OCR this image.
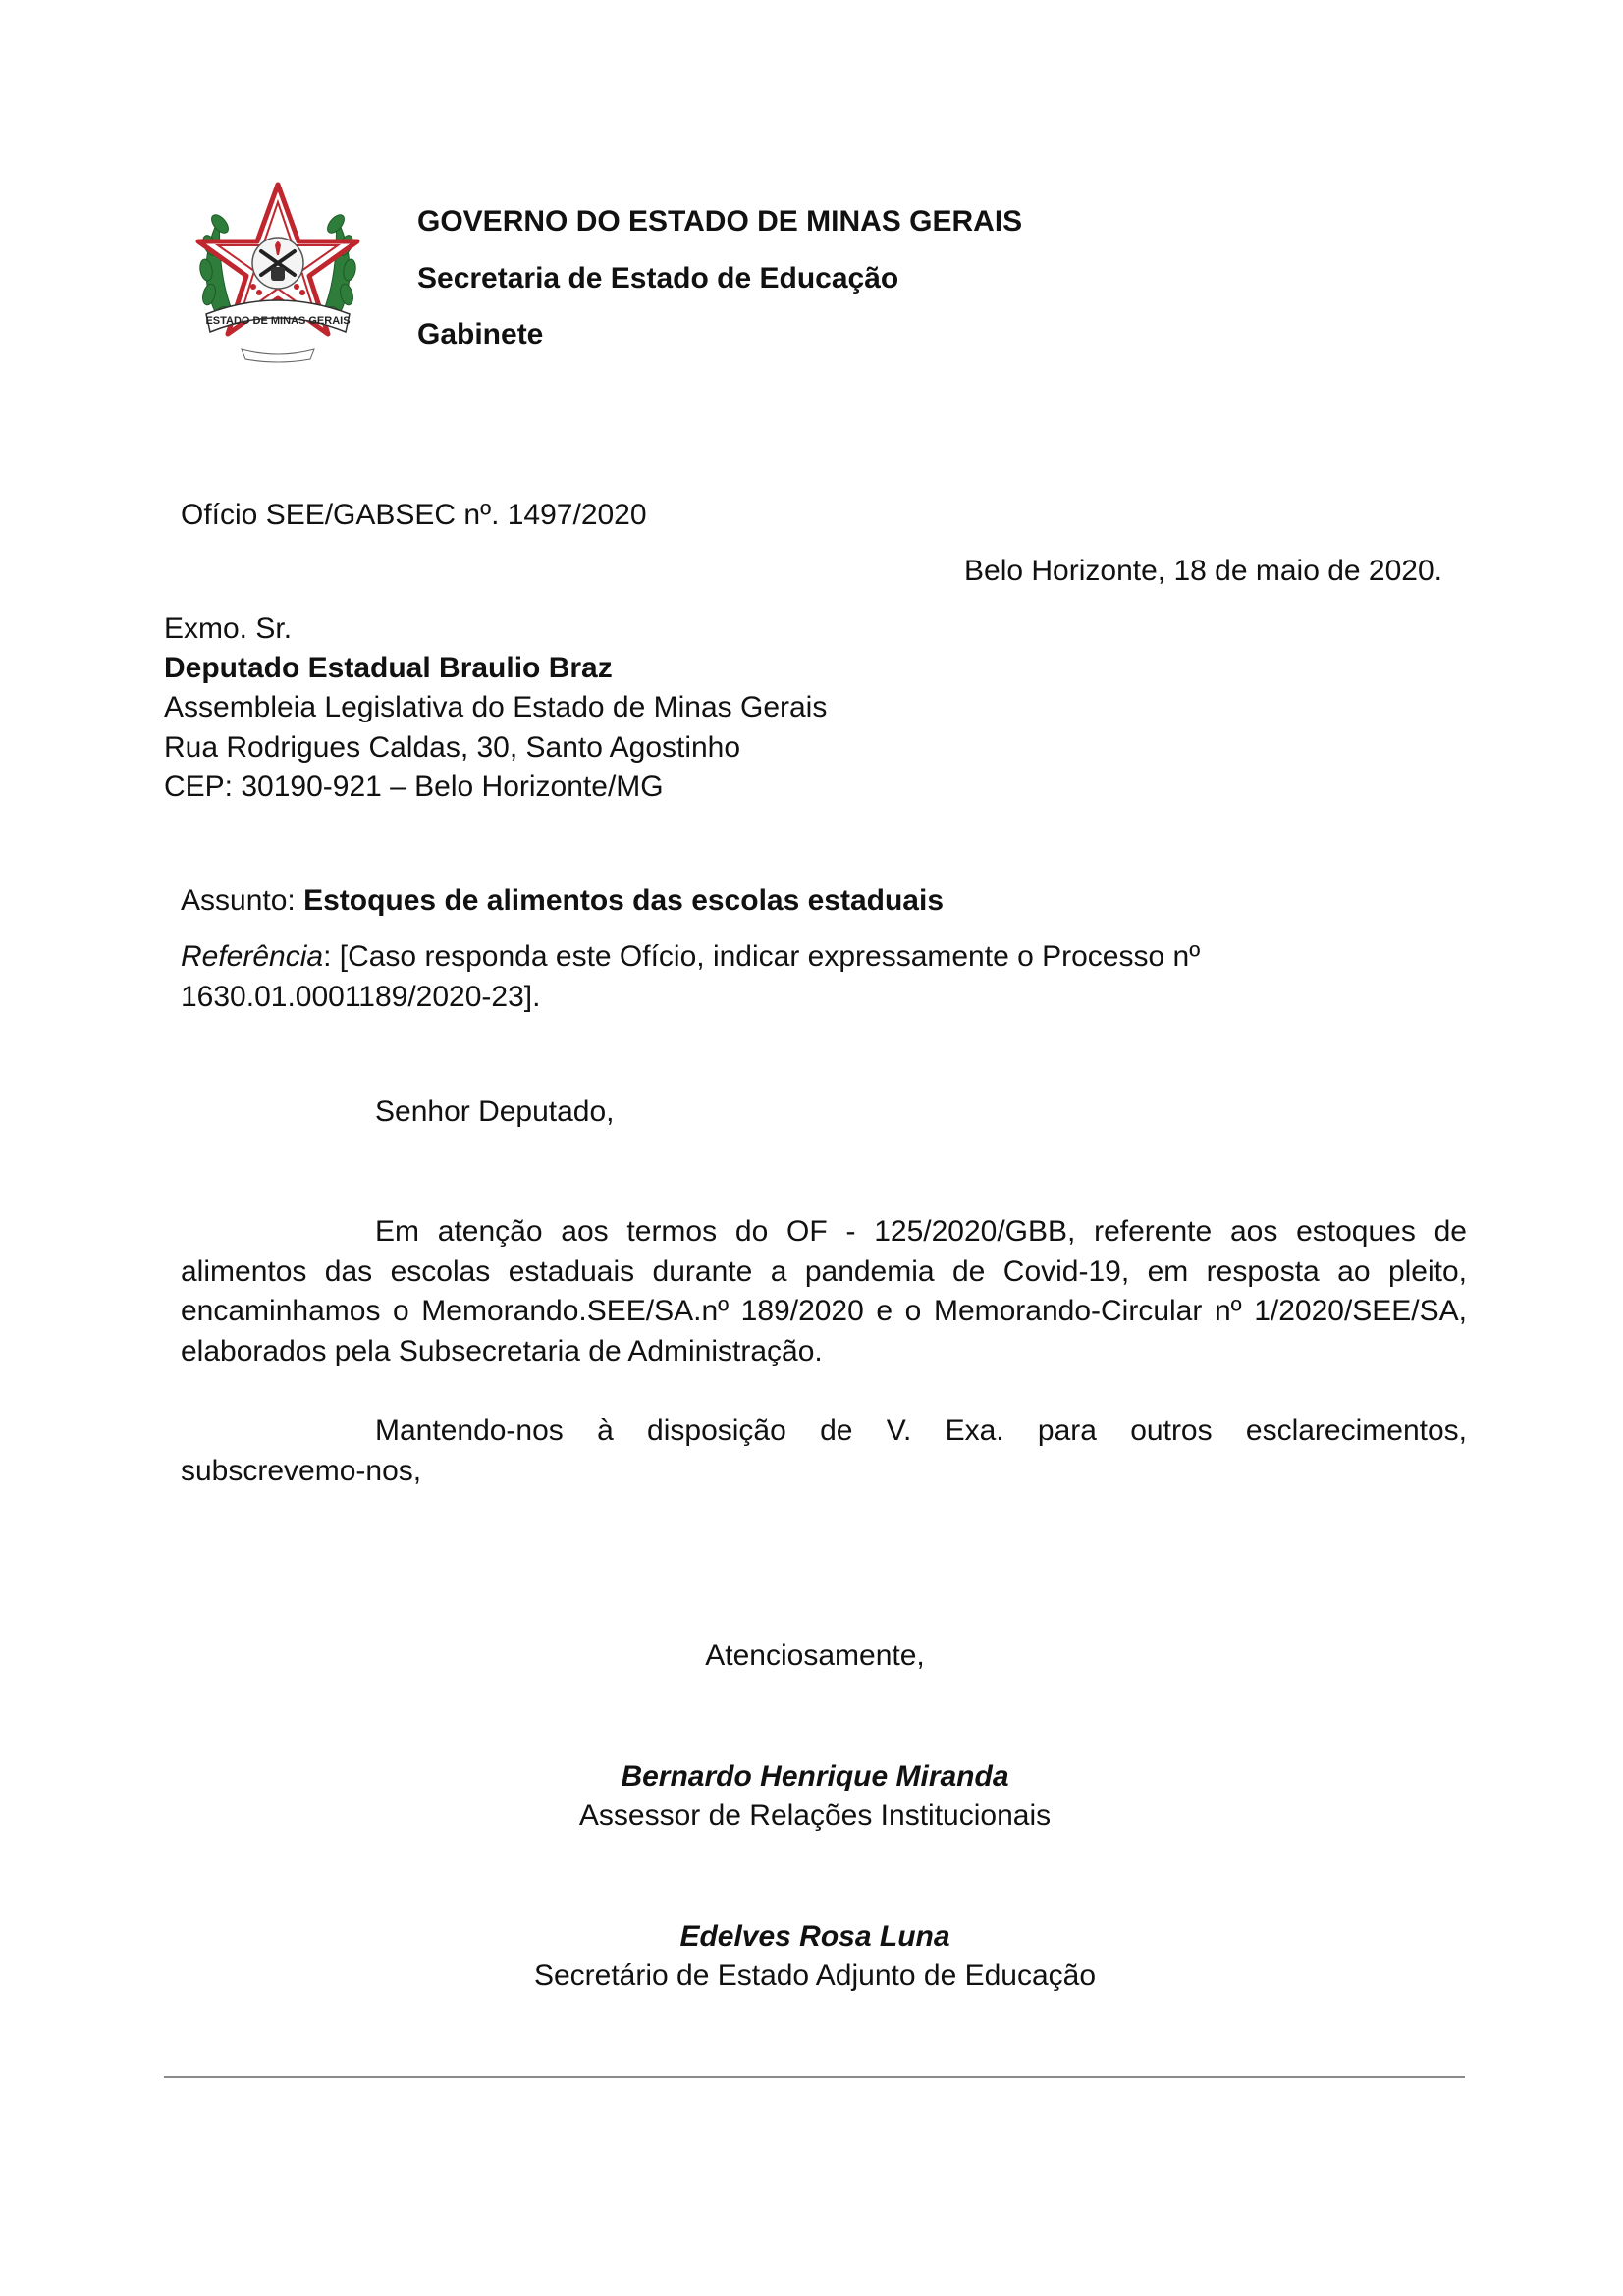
ESTADO DE MINAS GERAIS
GOVERNO DO ESTADO DE MINAS GERAIS
Secretaria de Estado de Educação
Gabinete
Ofício SEE/GABSEC nº. 1497/2020
Belo Horizonte, 18 de maio de 2020.
Exmo. Sr.
Deputado Estadual Braulio Braz
Assembleia Legislativa do Estado de Minas Gerais
Rua Rodrigues Caldas, 30, Santo Agostinho
CEP: 30190-921 – Belo Horizonte/MG
Assunto: Estoques de alimentos das escolas estaduais
Referência: [Caso responda este Ofício, indicar expressamente o Processo nº
1630.01.0001189/2020-23].
Senhor Deputado,
Em atenção aos termos do OF - 125/2020/GBB, referente aos estoques de
alimentos das escolas estaduais durante a pandemia de Covid-19, em resposta ao pleito,
encaminhamos o Memorando.SEE/SA.nº 189/2020 e o Memorando-Circular nº 1/2020/SEE/SA,
elaborados pela Subsecretaria de Administração.
Mantendo-nos à disposição de V. Exa. para outros esclarecimentos,
subscrevemo-nos,
Atenciosamente,
Bernardo Henrique Miranda
Assessor de Relações Institucionais
Edelves Rosa Luna
Secretário de Estado Adjunto de Educação
